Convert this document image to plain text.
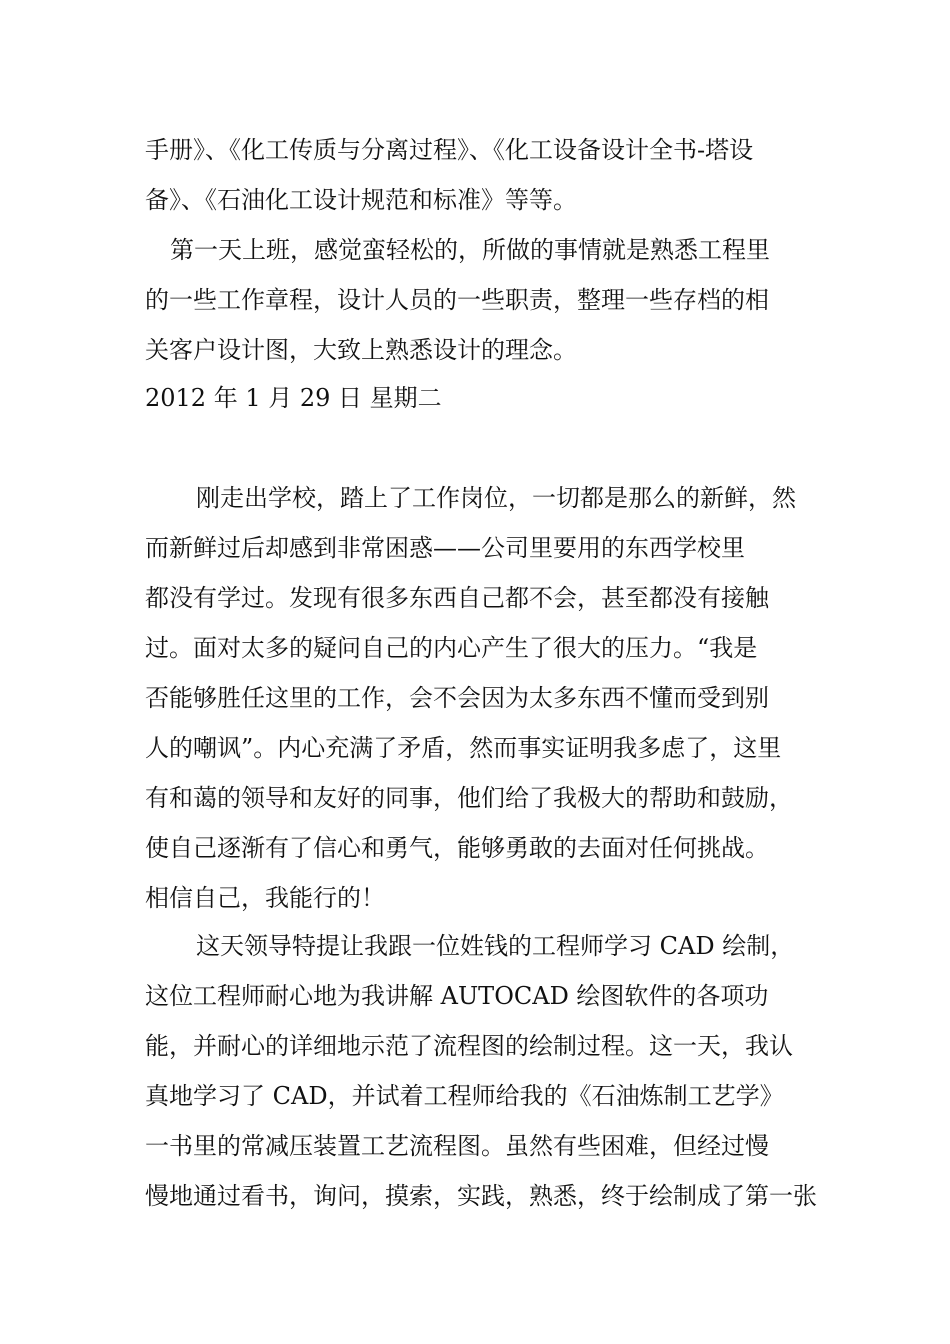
手册》、《化工传质与分离过程》、《化工设备设计全书-塔设
备》、《石油化工设计规范和标准》等等。
第一天上班，感觉蛮轻松的，所做的事情就是熟悉工程里
的一些工作章程，设计人员的一些职责，整理一些存档的相
关客户设计图，大致上熟悉设计的理念。
2012 年 1 月 29 日 星期二
刚走出学校，踏上了工作岗位，一切都是那么的新鲜，然
而新鲜过后却感到非常困惑——公司里要用的东西学校里
都没有学过。发现有很多东西自己都不会，甚至都没有接触
过。面对太多的疑问自己的内心产生了很大的压力。“我是
否能够胜任这里的工作，会不会因为太多东西不懂而受到别
人的嘲讽”。内心充满了矛盾，然而事实证明我多虑了，这里
有和蔼的领导和友好的同事，他们给了我极大的帮助和鼓励，
使自己逐渐有了信心和勇气，能够勇敢的去面对任何挑战。
相信自己，我能行的！
这天领导特提让我跟一位姓钱的工程师学习 CAD 绘制，
这位工程师耐心地为我讲解 AUTOCAD 绘图软件的各项功
能，并耐心的详细地示范了流程图的绘制过程。这一天，我认
真地学习了 CAD，并试着工程师给我的《石油炼制工艺学》
一书里的常减压装置工艺流程图。虽然有些困难，但经过慢
慢地通过看书，询问，摸索，实践，熟悉，终于绘制成了第一张
